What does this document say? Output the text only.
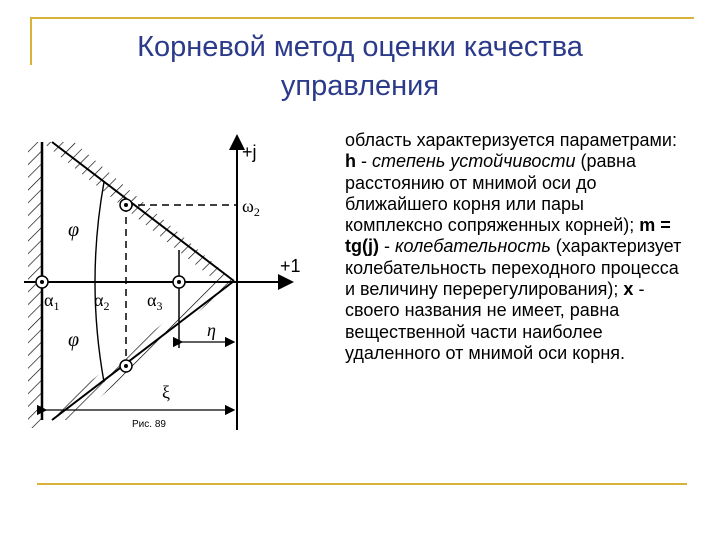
Корневой метод оценки качества
управления
+j
+1
$\omega_2$
$\alpha_1$ $\alpha_2$ $\alpha_3$
φ
φ	η
ξ
Рис. 89
область характеризуется параметрами: h - степень устойчивости (равна расстоянию от мнимой оси до ближайшего корня или пары комплексно сопряженных корней); m = tg(j) - колебательность (характеризует колебательность переходного процесса и величину перерегулирования); x - своего названия не имеет, равна вещественной части наиболее удаленного от мнимой оси корня.
